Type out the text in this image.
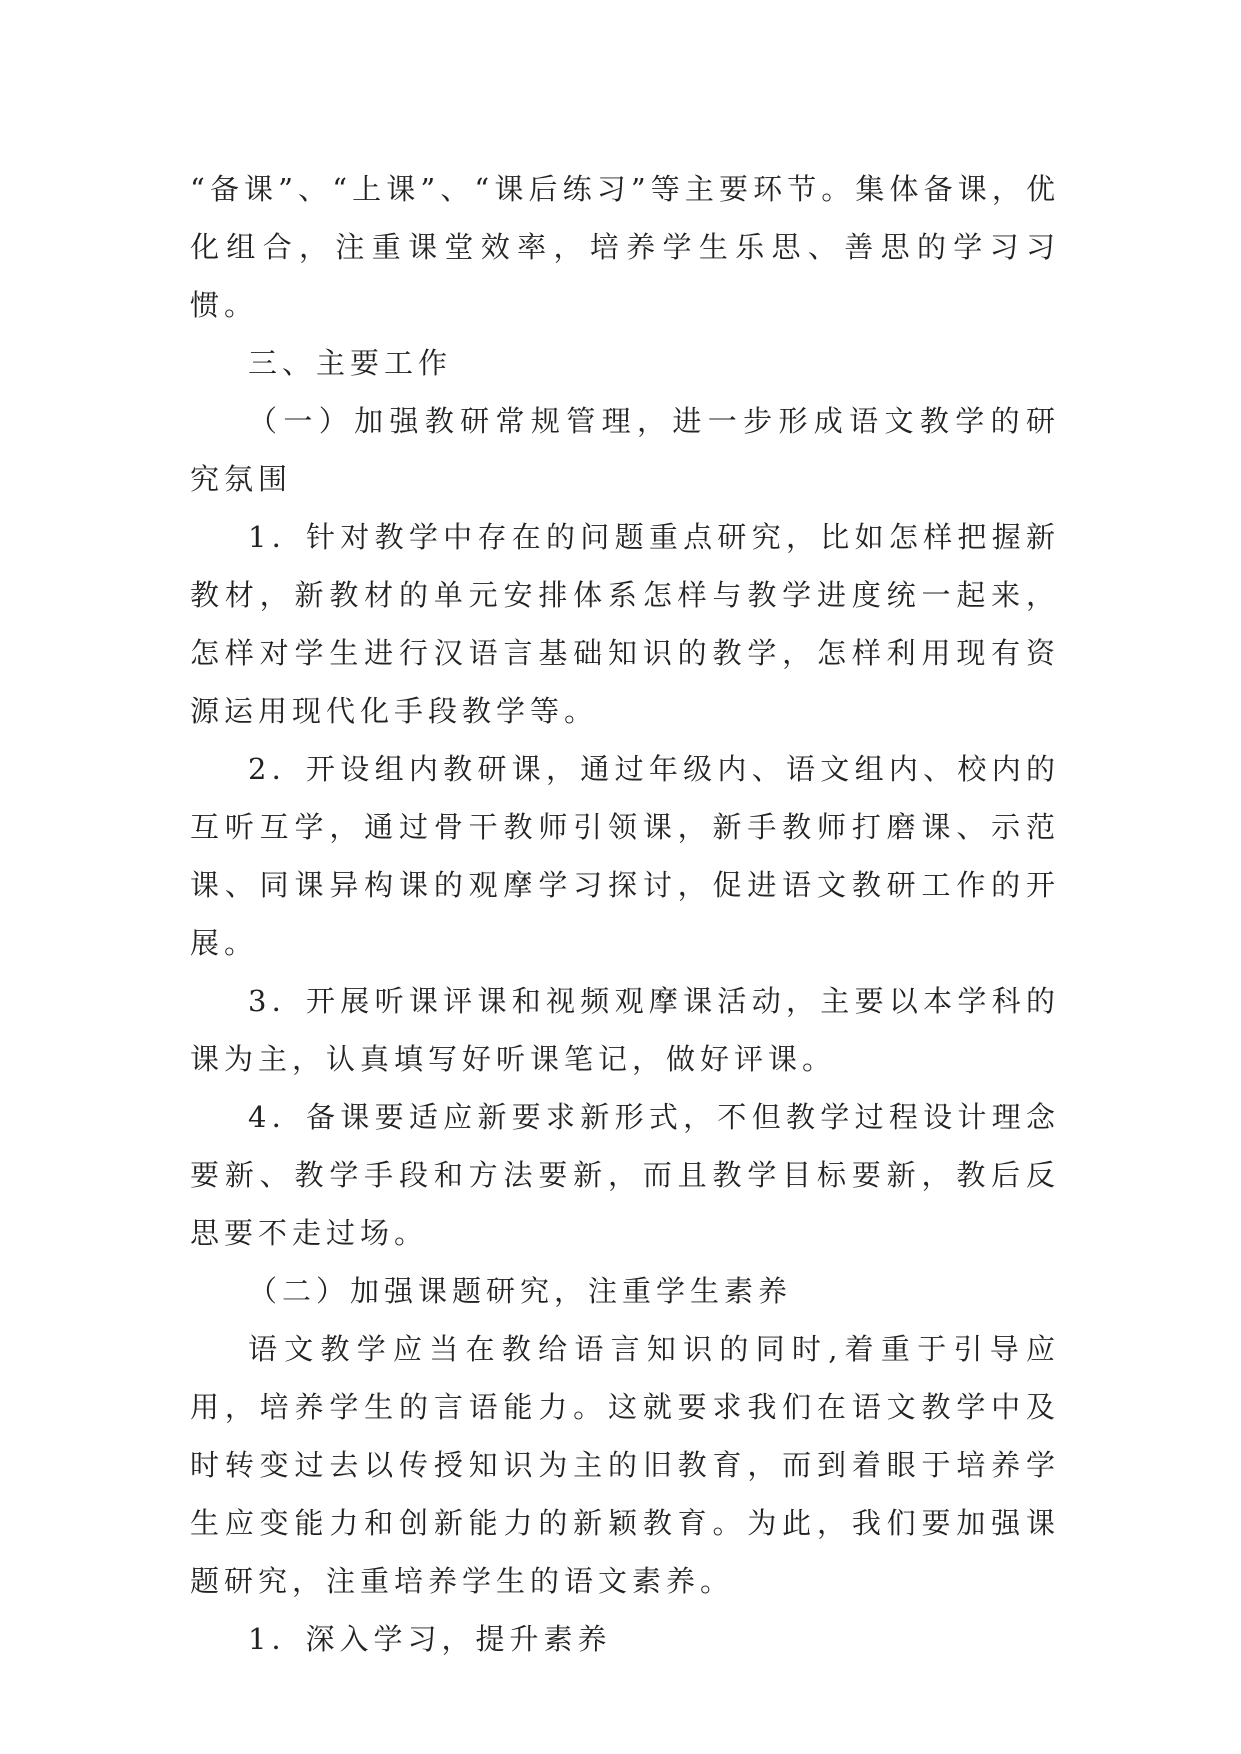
“备课”、“上课”、“课后练习”等主要环节。集体备课，优化组合，注重课堂效率，培养学生乐思、善思的学习习惯。

三、主要工作

（一）加强教研常规管理，进一步形成语文教学的研究氛围

1．针对教学中存在的问题重点研究，比如怎样把握新教材，新教材的单元安排体系怎样与教学进度统一起来，怎样对学生进行汉语言基础知识的教学，怎样利用现有资源运用现代化手段教学等。

2．开设组内教研课，通过年级内、语文组内、校内的互听互学，通过骨干教师引领课，新手教师打磨课、示范课、同课异构课的观摩学习探讨，促进语文教研工作的开展。

3．开展听课评课和视频观摩课活动，主要以本学科的课为主，认真填写好听课笔记，做好评课。

4．备课要适应新要求新形式，不但教学过程设计理念要新、教学手段和方法要新，而且教学目标要新，教后反思要不走过场。

（二）加强课题研究，注重学生素养

语文教学应当在教给语言知识的同时,着重于引导应用，培养学生的言语能力。这就要求我们在语文教学中及时转变过去以传授知识为主的旧教育，而到着眼于培养学生应变能力和创新能力的新颖教育。为此，我们要加强课题研究，注重培养学生的语文素养。

1．深入学习，提升素养
